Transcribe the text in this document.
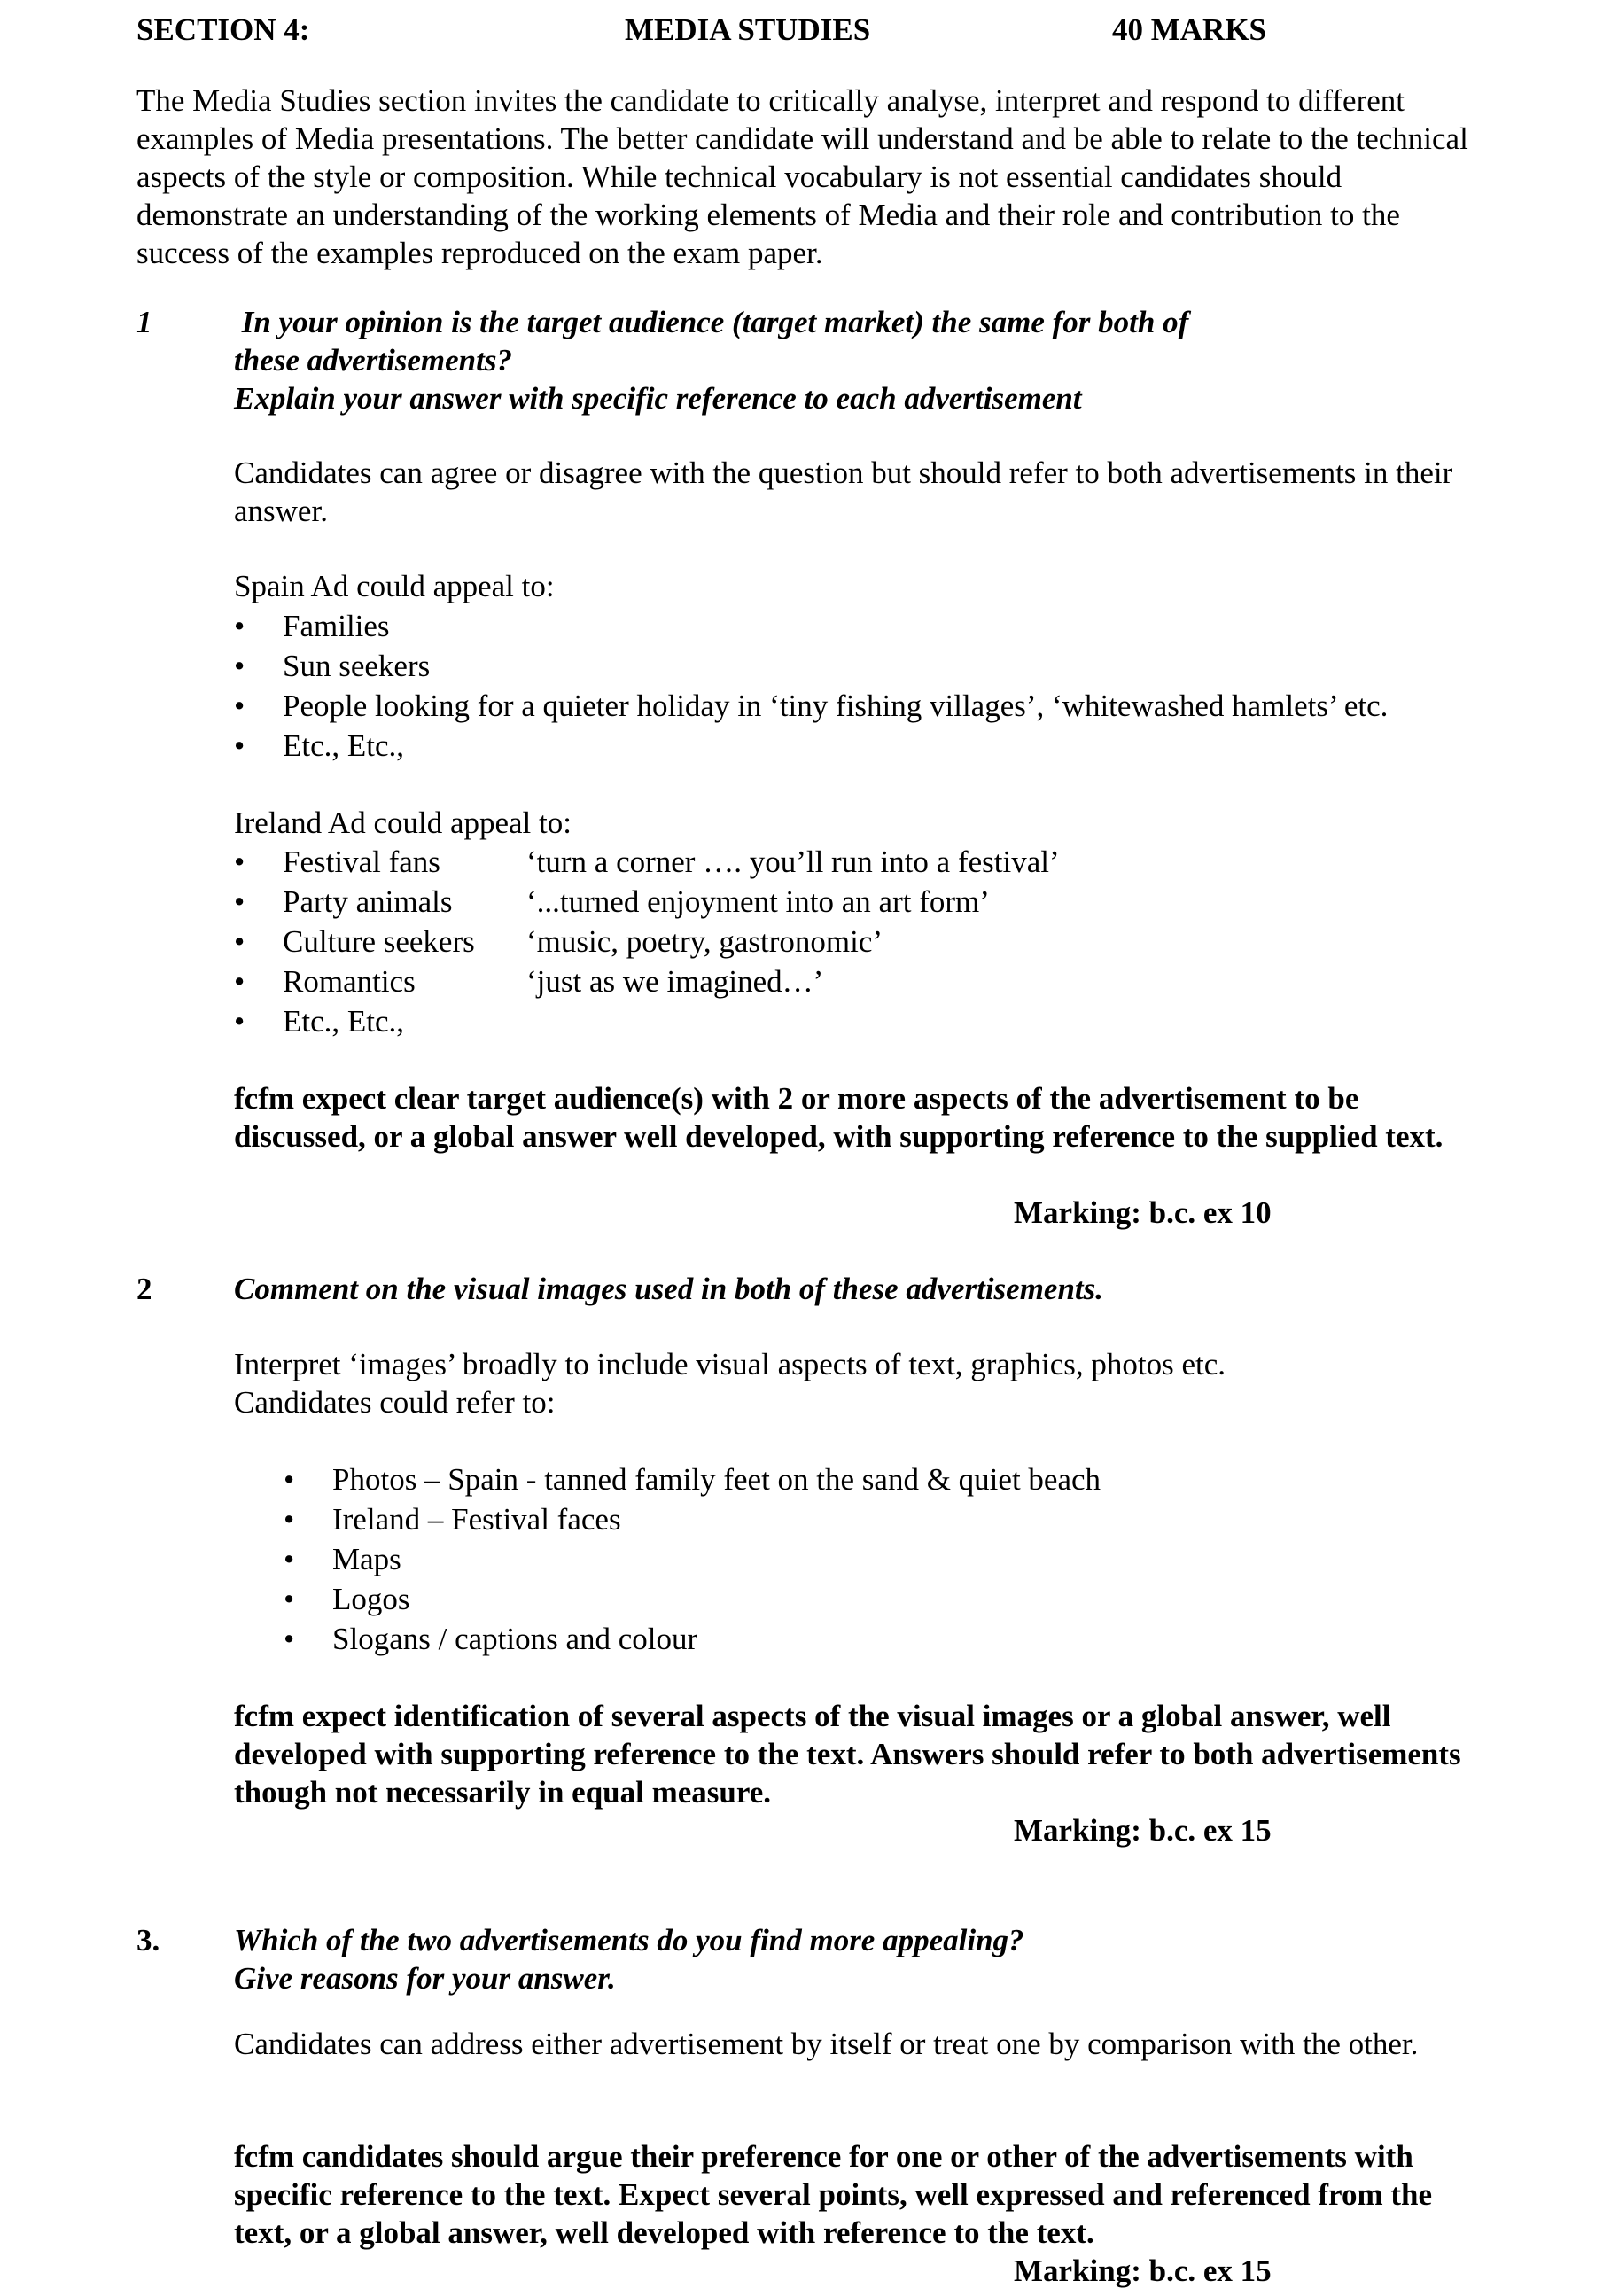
SECTION 4:	MEDIA STUDIES	40 MARKS
The Media Studies section invites the candidate to critically analyse, interpret and respond to different examples of Media presentations. The better candidate will understand and be able to relate to the technical aspects of the style or composition. While technical vocabulary is not essential candidates should demonstrate an understanding of the working elements of Media and their role and contribution to the success of the examples reproduced on the exam paper.
1	In your opinion is the target audience (target market) the same for both of
these advertisements?
Explain your answer with specific reference to each advertisement
Candidates can agree or disagree with the question but should refer to both advertisements in their answer.
Spain Ad could appeal to:
• Families
• Sun seekers
• People looking for a quieter holiday in ‘tiny fishing villages’, ‘whitewashed hamlets’ etc.
• Etc., Etc.,
Ireland Ad could appeal to:
• Festival fans	‘turn a corner …. you’ll run into a festival’
• Party animals ‘...turned enjoyment into an art form’
• Culture seekers ‘music, poetry, gastronomic’
• Romantics	‘just as we imagined…’
• Etc., Etc.,
fcfm expect clear target audience(s) with 2 or more aspects of the advertisement to be discussed, or a global answer well developed, with supporting reference to the supplied text.
Marking: b.c. ex 10
2	Comment on the visual images used in both of these advertisements.
Interpret ‘images’ broadly to include visual aspects of text, graphics, photos etc.
Candidates could refer to:
• Photos – Spain - tanned family feet on the sand & quiet beach
• Ireland – Festival faces
• Maps
• Logos
• Slogans / captions and colour
fcfm expect identification of several aspects of the visual images or a global answer, well developed with supporting reference to the text. Answers should refer to both advertisements though not necessarily in equal measure.
Marking: b.c. ex 15
3. Which of the two advertisements do you find more appealing?
Give reasons for your answer.
Candidates can address either advertisement by itself or treat one by comparison with the other.
fcfm candidates should argue their preference for one or other of the advertisements with specific reference to the text. Expect several points, well expressed and referenced from the text, or a global answer, well developed with reference to the text.
Marking: b.c. ex 15
